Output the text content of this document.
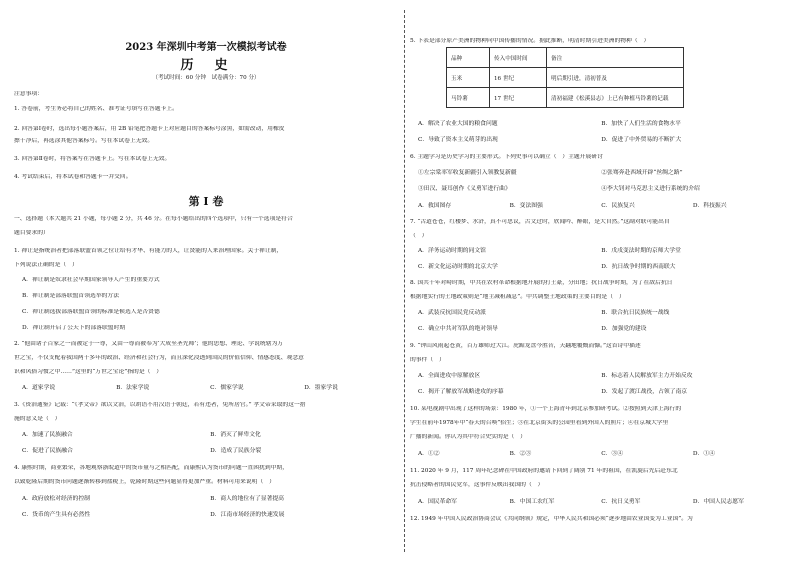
2023 年深圳中考第一次模拟考试卷
历　史
（考试时间：60 分钟　试卷满分：70 分）
注意事项：
1. 答卷前，考生务必将自己的姓名、准考证号填写在答题卡上。
2. 回答第Ⅰ卷时，选出每小题答案后，用 2B 铅笔把答题卡上对应题目的答案标号涂黑，如需改动，用橡皮
擦干净后，再选涂其他答案标号。写在本试卷上无效。
3. 回答第Ⅱ卷时，将答案写在答题卡上。写在本试卷上无效。
4. 考试结束后，将本试卷和答题卡一并交回。
第 Ⅰ 卷
一、选择题（本大题共 21 小题，每小题 2 分，共 46 分。在每小题给出的四个选项中，只有一个选项是符合
题目要求的）
1. 禅让是指统治者把部落联盟首领之位让给有才华、有能力的人，让贤能的人来治理国家。关于禅让制，
下列说法正确的是（　）
A．禅让制是奴隶社会早期国家领导人产生的重要方式
B．禅让制是部落联盟首领选举的方法
C．禅让制选拔部落联盟首领的标准是候选人是否贤德
D．禅让制开启了公天下的部落联盟时期
2. “他由诸子百家之一而被定于一尊，又由一尊而被奉为‘大成至圣先师’；他的思想、理论、学说统辖为万
世之宝，不仅支配着我国两千多年的政治、经济和社会行为，而且深化浸透到国民的价值信仰、情感态度、观念意
识和风俗习惯之中……”这里的“万世之宝论”指的是（　）
A．道家学说	B．法家学说	C．儒家学说	D．墨家学说
3.《资治通鉴》记载：“《孝文帝》欲以文治，以胡语不用汉语于朝廷，若有违者，免所居官。” 孝文帝采取的这一措
施的意义是（　）
A．加速了民族融合	B．消灭了鲜卑文化
C．促进了民族融合	D．造成了民族分裂
4. 康熙时期，商业繁荣，各地观察浙皖道中的货币量与之相匹配，而康熙认为货币的问题一直困扰到中期，
以致乾隆后期的货币问题逐渐转移到盐税上，乾隆时期这些问题显得更加严重。材料可用来说明（　）
A．政府放松对经济的控制	B．商人的地位有了显著提高
C．货币的产生具有必然性	D．江南市场经济的快速发展
5. 下表是部分原产美洲的物种向中国传播的情况。据此推断，明清时期引进美洲的物种（　）
品种	传入中国时间	备注
玉米	16 世纪	明后期引进，清初普及
马铃薯	17 世纪	清初福建《松溪县志》上已有种植马铃薯的记载
A．解决了农业大国的粮食问题	B．加快了人们生活的食物水平
C．导致了资本主义萌芽的出现	D．促进了中外贸易的不断扩大
6. 主题学习是历史学习的主要形式。下列史事可以确立（　）主题开展研讨
①左宗棠率军收复新疆引入领教复新疆	②张骞奔赴西域开辟“丝绸之路”
③田汉、聂耳创作《义勇军进行曲》	④李大钊对马克思主义进行系统的介绍
A．救国图存	B．变法图强	C．民族复兴	D．科技振兴
7. “古道苍苍，红楼梦、水浒，真不可思议，古文过时，欣闻吟、醉眼，是大自然。”这副对联可能出自
（　）
A．洋务运动时期的同文馆	B．戊戌变法时期的京师大学堂
C．新文化运动时期的北京大学	D．抗日战争时期的西南联大
8. 国共十年对峙时期，中共在农村革命根据地开展的打土豪，分田地；抗日战争时期，为了在敌后抗日
根据地实行的土地政策则是“地主减租减息”。中共调整土地政策的主要目的是（　）
A．武装反抗国民党反动派	B．联合抗日民族统一战线
C．确立中共对军队的绝对领导	D．加强党的建设
9. “钟山风雨起苍黄，百万雄师过大江。虎踞龙盘今胜昔，天翻地覆慨而慷。”这首诗中描述
的事件（　）
A．全面进攻中原解放区	B．标志着人民解放军主力开始反攻
C．揭开了解放军战略进攻的序幕	D．发起了渡江战役，占领了南京
10. 某电视剧中出现了这样的场景：1980 年，①一个上海青年到北京参加研考试。②按照到天津上海行的
学生在前年1978年中“春天的召唤”招生；③在北京街头的公园里看到外国人的照片；④在京城大学里
广播的新闻。你认为其中符合史实的是（　）
A．①②	B．②③	C．③④	D．①④
11. 2020 年 9 月，117 周年纪念碑在中国政府的邀请下回到了阔别 71 年的祖国，在凯旋后先后赴东北
抗击侵略者的国民党军，这事件反映出我国的（　）
A．国民革命军	B．中国工农红军	C．抗日义勇军	D．中国人民志愿军
12. 1949 年中国人民政治协商会议《共同纲领》规定，中华人民共和国必须“逐步地由农业国变为工业国”。为
